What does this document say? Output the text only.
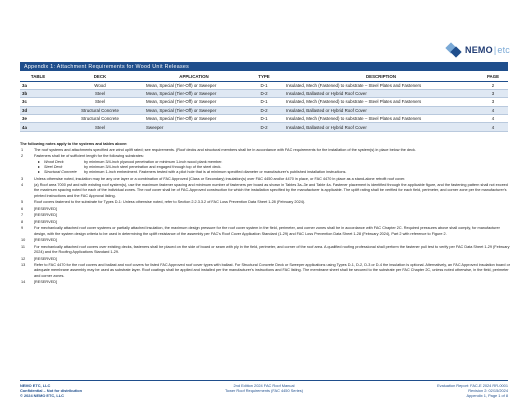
NEMO|etc
Appendix 1: Attachment Requirements for Wood Unit Releases
TABLE	DECK	APPLICATION	TYPE	DESCRIPTION	PAGE
3a	Wood	Mean, Special (Tier-Off) or Sweeper	D-1	Insulated, Mech (Fastened) to substrate – Steel Plates and Fasteners	2
3b	Steel	Mean, Special (Tier-Off) or Sweeper	D-2	Insulated, Ballasted or Hybrid Roof Cover	3
3c	Steel	Mean, Special (Tier-Off) or Sweeper	D-1	Insulated, Mech (Fastened) to substrate – Steel Plates and Fasteners	3
3d	Structural Concrete	Mean, Special (Tier-Off) or Sweeper	D-2	Insulated, Ballasted or Hybrid Roof Cover	4
3e	Structural Concrete	Mean, Special (Tier-Off) or Sweeper	D-1	Insulated, Mech (Fastened) to substrate – Steel Plates and Fasteners	4
4a	Steel	Sweeper	D-2	Insulated, Ballasted or Hybrid Roof Cover	4
The following notes apply to the systems and tables above:
1	The roof systems and attachments specified are wind uplift rated; see requirements. (Roof decks and structural members shall be in accordance with FAC requirements for the installation of the system(s) in place below the deck.
2	Fasteners shall be of sufficient length for the following substrates:
▸	Wood Deck	by minimum 3/4-inch plywood penetration or minimum 1-inch wood plank member.
▸	Steel Deck	by minimum 3/4-inch steel penetration and engaged through top of the steel deck.
▸	Structural Concrete	by minimum 1-inch embedment. Fasteners tested with a pilot hole that is at minimum specified diameter or manufacturer's published installation instructions.
3	Unless otherwise noted, insulation may be any one layer or a combination of FAC Approved (Class or Secondary) insulation(s) over FAC 4450 and/or 4470 in place, or FAC 4470 in place as a stand-alone retrofit roof cover.
4	(a) Roof area 7000 psf and with existing roof system(s), use the maximum fastener spacing and minimum number of fasteners per board as shown in Tables 3a–3e and Table 4a. Fastener placement is identified through the applicable figure, and the fastening pattern shall not exceed the maximum spacing noted for each of the individual zones. The roof cover shall be of FAC-Approved construction for which the installation specified by the manufacturer is applicable. The uplift rating shall be verified for each field, perimeter, and corner zone per the manufacturer's printed instructions and the FAC Approval listing.
5	Roof covers fastened to the substrate for Types D-1: Unless otherwise noted, refer to Section 2.2.3.3.2 of FAC Loss Prevention Data Sheet 1-28 (February 2024).
6	[RESERVED]
7	[RESERVED]
8	[RESERVED]
9	For mechanically attached roof cover systems or partially attached insulation, the maximum design pressure for the roof cover system in the field, perimeter, and corner zones shall be in accordance with FAC Chapter 2C. Required pressures above shall comply, for manufacturer design, with the system design criteria to be used in determining the uplift resistance of the assembly per FAC's Roof Cover Application Standard (1-29) and FAC Loss Prevention Data Sheet 1-28 (February 2024), Part 2 with reference to Figure 2.
10	[RESERVED]
11	For mechanically attached roof covers over existing decks, fasteners shall be placed on the side of board or seam with ply in the field, perimeter, and corner of the roof area. A qualified roofing professional shall perform the fastener pull test to verify per FAC Data Sheet 1-29 (February 2024) and the Roofing Applications Standard 1-29.
12	[RESERVED]
13	Refer to FAC 4470 for the roof covers and ballast and roof covers for listed FAC Approved roof cover types with ballast. For Structural Concrete Deck or Sweeper applications using Types D-1, D-2, D-3 or D-4 the insulation is optional. Alternatively, an FAC Approved insulation board or adequate membrane assembly may be used as substrate layer. Roof coatings shall be applied and installed per the manufacturer's instructions and FAC listing. The membrane sheet shall be secured to the substrate per FAC Chapter 2C, unless noted otherwise, in the field, perimeter and corner zones.
14	[RESERVED]
NEMO ETC, LLC
Confidential – Not for distribution
© 2024 NEMO ETC, LLC
2nd Edition 2024 FAC Roof Manual
Tower Roof Requirements (FAC 4450 Series)
Evaluation Report: FAC-E 2024 RR-0001
Revision 2: 02/15/2024
Appendix 1, Page 1 of 8
